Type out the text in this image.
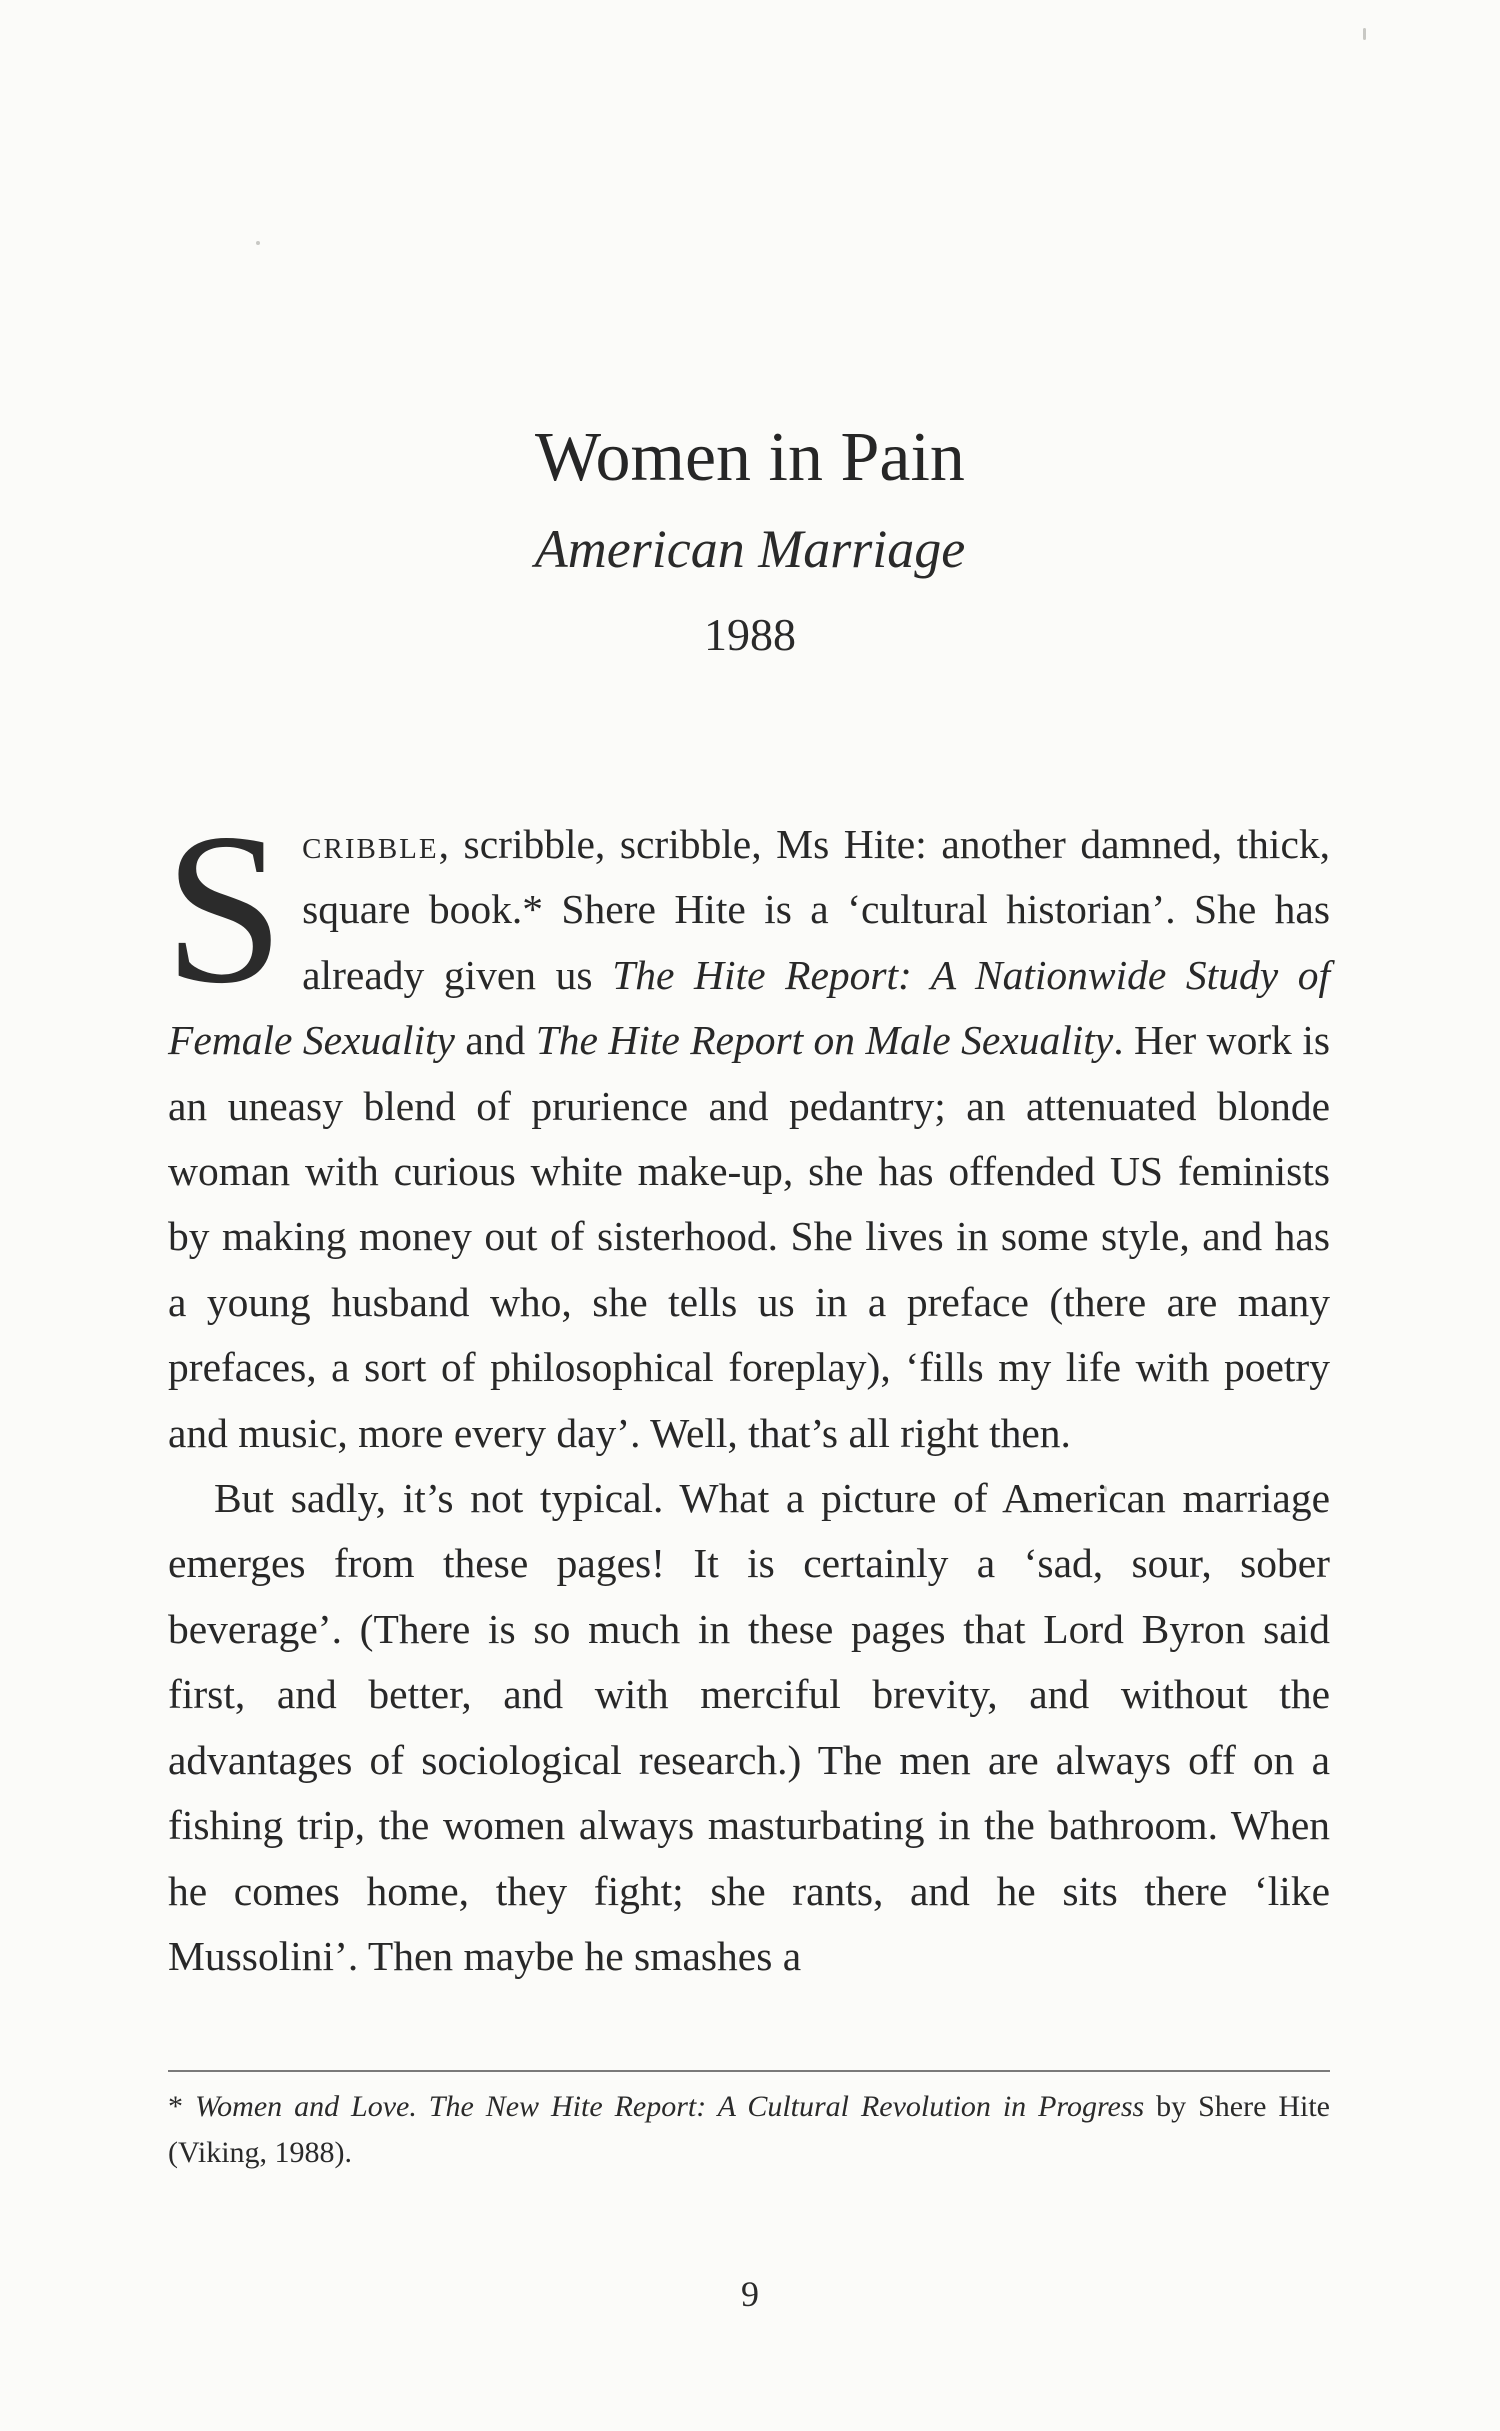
Women in Pain
American Marriage
1988

Scribble, scribble, scribble, Ms Hite: another damned, thick, square book.* Shere Hite is a ‘cultural historian’. She has already given us The Hite Report: A Nationwide Study of Female Sexuality and The Hite Report on Male Sexuality. Her work is an uneasy blend of prurience and pedantry; an attenuated blonde woman with curious white make-up, she has offended US feminists by making money out of sisterhood. She lives in some style, and has a young husband who, she tells us in a preface (there are many prefaces, a sort of philosophical foreplay), ‘fills my life with poetry and music, more every day’. Well, that’s all right then.

But sadly, it’s not typical. What a picture of American marriage emerges from these pages! It is certainly a ‘sad, sour, sober beverage’. (There is so much in these pages that Lord Byron said first, and better, and with merciful brevity, and without the advantages of sociological research.) The men are always off on a fishing trip, the women always masturbating in the bathroom. When he comes home, they fight; she rants, and he sits there ‘like Mussolini’. Then maybe he smashes a

* Women and Love. The New Hite Report: A Cultural Revolution in Progress by Shere Hite (Viking, 1988).
9
